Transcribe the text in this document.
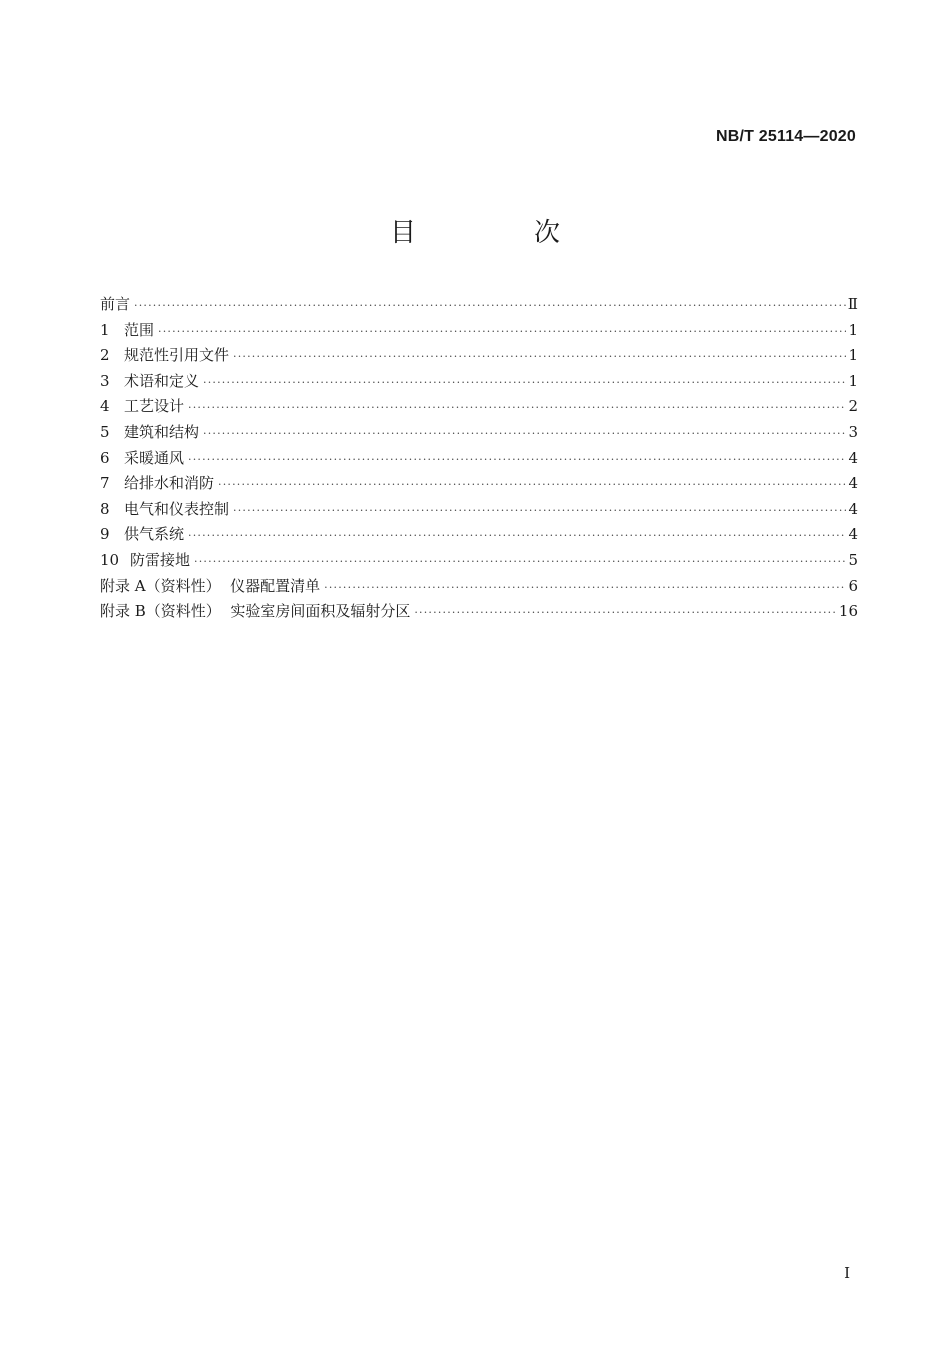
NB/T 25114—2020
目　次
前言 ·····	Ⅱ
1 范围 ·····	1
2 规范性引用文件 ·····	1
3 术语和定义 ·····	1
4 工艺设计 ·····	2
5 建筑和结构 ·····	3
6 采暖通风 ·····	4
7 给排水和消防 ·····	4
8 电气和仪表控制 ·····	4
9 供气系统 ·····	4
10 防雷接地 ·····	5
附录 A（资料性）  仪器配置清单 ·····	6
附录 B（资料性）  实验室房间面积及辐射分区 ·····	16
I
